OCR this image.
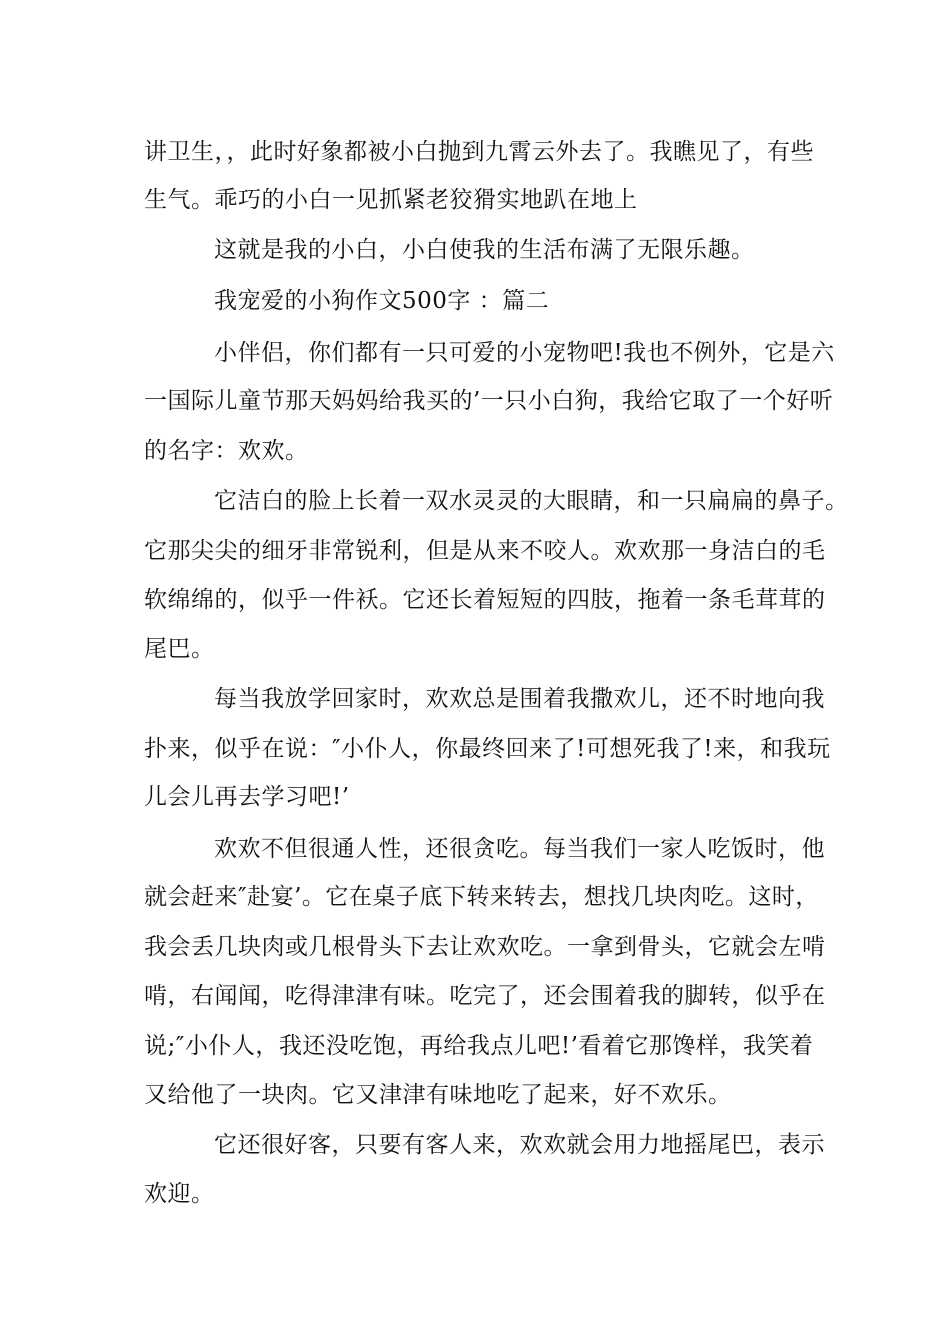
讲卫生，，此时好象都被小白抛到九霄云外去了。我瞧见了，有些
生气。乖巧的小白一见抓紧老狡猾实地趴在地上
这就是我的小白，小白使我的生活布满了无限乐趣。
我宠爱的小狗作文500字 ：篇二
小伴侣，你们都有一只可爱的小宠物吧!我也不例外，它是六
一国际儿童节那天妈妈给我买的’一只小白狗，我给它取了一个好听
的名字：欢欢。
它洁白的脸上长着一双水灵灵的大眼睛，和一只扁扁的鼻子。
它那尖尖的细牙非常锐利，但是从来不咬人。欢欢那一身洁白的毛
软绵绵的，似乎一件袄。它还长着短短的四肢，拖着一条毛茸茸的
尾巴。
每当我放学回家时，欢欢总是围着我撒欢儿，还不时地向我
扑来，似乎在说：″小仆人，你最终回来了!可想死我了!来，和我玩
儿会儿再去学习吧!’
欢欢不但很通人性，还很贪吃。每当我们一家人吃饭时，他
就会赶来″赴宴’。它在桌子底下转来转去，想找几块肉吃。这时，
我会丢几块肉或几根骨头下去让欢欢吃。一拿到骨头，它就会左啃
啃，右闻闻，吃得津津有味。吃完了，还会围着我的脚转，似乎在
说;″小仆人，我还没吃饱，再给我点儿吧!’看着它那馋样，我笑着
又给他了一块肉。它又津津有味地吃了起来，好不欢乐。
它还很好客，只要有客人来，欢欢就会用力地摇尾巴，表示
欢迎。
